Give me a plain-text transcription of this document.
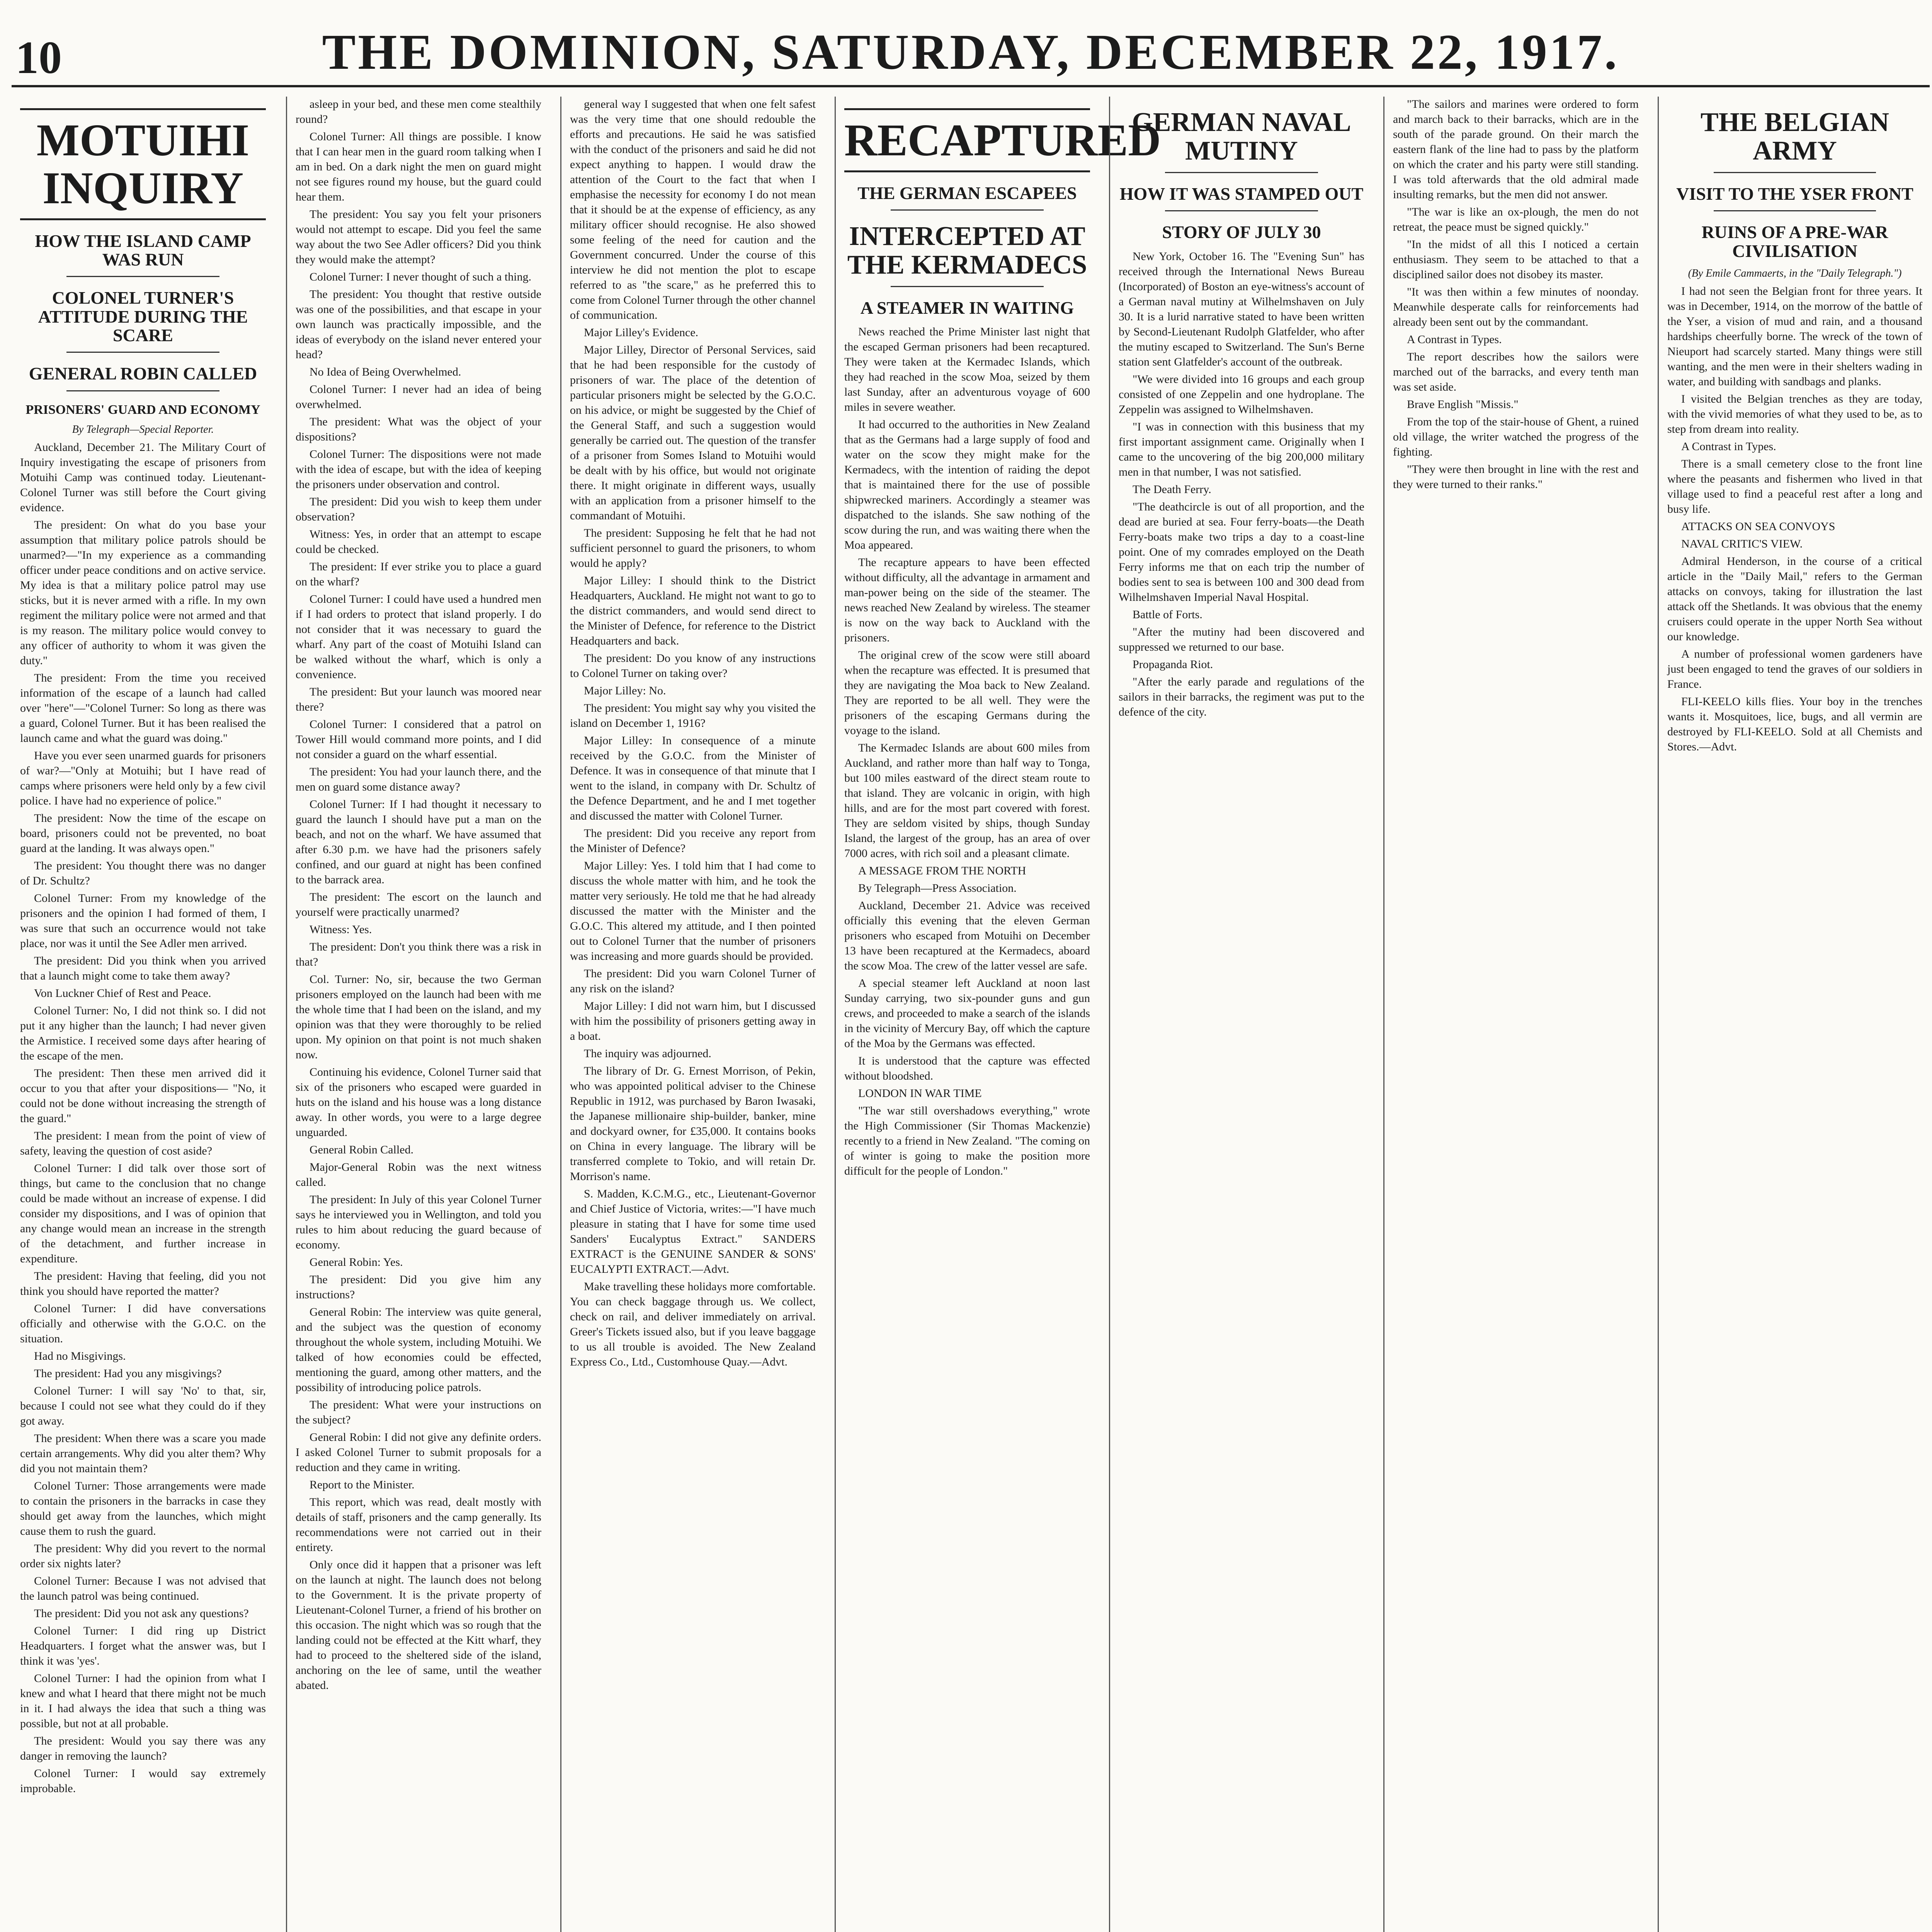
10	THE DOMINION, SATURDAY, DECEMBER 22, 1917.
MOTUIHI INQUIRY
HOW THE ISLAND CAMP WAS RUN
COLONEL TURNER'S ATTITUDE DURING THE SCARE
GENERAL ROBIN CALLED
PRISONERS' GUARD AND ECONOMY
By Telegraph—Special Reporter.

Auckland, December 21. The Military Court of Inquiry investigating the escape of prisoners from Motuihi Camp was continued today. Lieutenant-Colonel Turner was still before the Court giving evidence.

The president: On what do you base your assumption that military police patrols should be unarmed?—"In my experience as a commanding officer under peace conditions and on active service. My idea is that a military police patrol may use sticks, but it is never armed with a rifle. In my own regiment the military police were not armed and that is my reason. The military police would convey to any officer of authority to whom it was given the duty."

The president: From the time you received information of the escape of a launch had called over "here"—"Colonel Turner: So long as there was a guard, Colonel Turner. But it has been realised the launch came and what the guard was doing."

Have you ever seen unarmed guards for prisoners of war?—"Only at Motuihi; but I have read of camps where prisoners were held only by a few civil police. I have had no experience of police."

The president: Now the time of the escape on board, prisoners could not be prevented, no boat guard at the landing. It was always open."

The president: You thought there was no danger of Dr. Schultz?

Colonel Turner: From my knowledge of the prisoners and the opinion I had formed of them, I was sure that such an occurrence would not take place, nor was it until the See Adler men arrived.

The president: Did you think when you arrived that a launch might come to take them away?

Von Luckner Chief of Rest and Peace.

Colonel Turner: No, I did not think so. I did not put it any higher than the launch; I had never given the Armistice. I received some days after hearing of the escape of the men.

The president: Then these men arrived did it occur to you that after your dispositions— "No, it could not be done without increasing the strength of the guard."

The president: I mean from the point of view of safety, leaving the question of cost aside?

Colonel Turner: I did talk over those sort of things, but came to the conclusion that no change could be made without an increase of expense. I did consider my dispositions, and I was of opinion that any change would mean an increase in the strength of the detachment, and further increase in expenditure.

The president: Having that feeling, did you not think you should have reported the matter?

Colonel Turner: I did have conversations officially and otherwise with the G.O.C. on the situation.

Had no Misgivings.

The president: Had you any misgivings?

Colonel Turner: I will say 'No' to that, sir, because I could not see what they could do if they got away.

The president: When there was a scare you made certain arrangements. Why did you alter them? Why did you not maintain them?

Colonel Turner: Those arrangements were made to contain the prisoners in the barracks in case they should get away from the launches, which might cause them to rush the guard.

The president: Why did you revert to the normal order six nights later?

Colonel Turner: Because I was not advised that the launch patrol was being continued.

The president: Did you not ask any questions?

Colonel Turner: I did ring up District Headquarters. I forget what the answer was, but I think it was 'yes'.

Colonel Turner: I had the opinion from what I knew and what I heard that there might not be much in it. I had always the idea that such a thing was possible, but not at all probable.

The president: Would you say there was any danger in removing the launch?

Colonel Turner: I would say extremely improbable.

asleep in your bed, and these men come stealthily round?

Colonel Turner: All things are possible. I know that I can hear men in the guard room talking when I am in bed. On a dark night the men on guard might not see figures round my house, but the guard could hear them.

The president: You say you felt your prisoners would not attempt to escape. Did you feel the same way about the two See Adler officers? Did you think they would make the attempt?

Colonel Turner: I never thought of such a thing.

The president: You thought that restive outside was one of the possibilities, and that escape in your own launch was practically impossible, and the ideas of everybody on the island never entered your head?

No Idea of Being Overwhelmed.

Colonel Turner: I never had an idea of being overwhelmed.

The president: What was the object of your dispositions?

Colonel Turner: The dispositions were not made with the idea of escape, but with the idea of keeping the prisoners under observation and control.

The president: Did you wish to keep them under observation?

Witness: Yes, in order that an attempt to escape could be checked.

The president: If ever strike you to place a guard on the wharf?

Colonel Turner: I could have used a hundred men if I had orders to protect that island properly. I do not consider that it was necessary to guard the wharf. Any part of the coast of Motuihi Island can be walked without the wharf, which is only a convenience.

The president: But your launch was moored near there?

Colonel Turner: I considered that a patrol on Tower Hill would command more points, and I did not consider a guard on the wharf essential.

The president: You had your launch there, and the men on guard some distance away?

Colonel Turner: If I had thought it necessary to guard the launch I should have put a man on the beach, and not on the wharf. We have assumed that after 6.30 p.m. we have had the prisoners safely confined, and our guard at night has been confined to the barrack area.

The president: The escort on the launch and yourself were practically unarmed?

Witness: Yes.

The president: Don't you think there was a risk in that?

Col. Turner: No, sir, because the two German prisoners employed on the launch had been with me the whole time that I had been on the island, and my opinion was that they were thoroughly to be relied upon. My opinion on that point is not much shaken now.

Continuing his evidence, Colonel Turner said that six of the prisoners who escaped were guarded in huts on the island and his house was a long distance away. In other words, you were to a large degree unguarded.

General Robin Called.

Major-General Robin was the next witness called.

The president: In July of this year Colonel Turner says he interviewed you in Wellington, and told you rules to him about reducing the guard because of economy.

General Robin: Yes.

The president: Did you give him any instructions?

General Robin: The interview was quite general, and the subject was the question of economy throughout the whole system, including Motuihi. We talked of how economies could be effected, mentioning the guard, among other matters, and the possibility of introducing police patrols.

The president: What were your instructions on the subject?

General Robin: I did not give any definite orders. I asked Colonel Turner to submit proposals for a reduction and they came in writing.

Report to the Minister.

This report, which was read, dealt mostly with details of staff, prisoners and the camp generally. Its recommendations were not carried out in their entirety.

Only once did it happen that a prisoner was left on the launch at night. The launch does not belong to the Government. It is the private property of Lieutenant-Colonel Turner, a friend of his brother on this occasion. The night which was so rough that the landing could not be effected at the Kitt wharf, they had to proceed to the sheltered side of the island, anchoring on the lee of same, until the weather abated.

general way I suggested that when one felt safest was the very time that one should redouble the efforts and precautions. He said he was satisfied with the conduct of the prisoners and said he did not expect anything to happen. I would draw the attention of the Court to the fact that when I emphasise the necessity for economy I do not mean that it should be at the expense of efficiency, as any military officer should recognise. He also showed some feeling of the need for caution and the Government concurred. Under the course of this interview he did not mention the plot to escape referred to as "the scare," as he preferred this to come from Colonel Turner through the other channel of communication.

Major Lilley's Evidence.

Major Lilley, Director of Personal Services, said that he had been responsible for the custody of prisoners of war. The place of the detention of particular prisoners might be selected by the G.O.C. on his advice, or might be suggested by the Chief of the General Staff, and such a suggestion would generally be carried out. The question of the transfer of a prisoner from Somes Island to Motuihi would be dealt with by his office, but would not originate there. It might originate in different ways, usually with an application from a prisoner himself to the commandant of Motuihi.

The president: Supposing he felt that he had not sufficient personnel to guard the prisoners, to whom would he apply?

Major Lilley: I should think to the District Headquarters, Auckland. He might not want to go to the district commanders, and would send direct to the Minister of Defence, for reference to the District Headquarters and back.

The president: Do you know of any instructions to Colonel Turner on taking over?

Major Lilley: No.

The president: You might say why you visited the island on December 1, 1916?

Major Lilley: In consequence of a minute received by the G.O.C. from the Minister of Defence. It was in consequence of that minute that I went to the island, in company with Dr. Schultz of the Defence Department, and he and I met together and discussed the matter with Colonel Turner.

The president: Did you receive any report from the Minister of Defence?

Major Lilley: Yes. I told him that I had come to discuss the whole matter with him, and he took the matter very seriously. He told me that he had already discussed the matter with the Minister and the G.O.C. This altered my attitude, and I then pointed out to Colonel Turner that the number of prisoners was increasing and more guards should be provided.

The president: Did you warn Colonel Turner of any risk on the island?

Major Lilley: I did not warn him, but I discussed with him the possibility of prisoners getting away in a boat.

The inquiry was adjourned.

The library of Dr. G. Ernest Morrison, of Pekin, who was appointed political adviser to the Chinese Republic in 1912, was purchased by Baron Iwasaki, the Japanese millionaire ship-builder, banker, mine and dockyard owner, for £35,000. It contains books on China in every language. The library will be transferred complete to Tokio, and will retain Dr. Morrison's name.

S. Madden, K.C.M.G., etc., Lieutenant-Governor and Chief Justice of Victoria, writes:—"I have much pleasure in stating that I have for some time used Sanders' Eucalyptus Extract." SANDERS EXTRACT is the GENUINE SANDER & SONS' EUCALYPTI EXTRACT.—Advt.

Make travelling these holidays more comfortable. You can check baggage through us. We collect, check on rail, and deliver immediately on arrival. Greer's Tickets issued also, but if you leave baggage to us all trouble is avoided. The New Zealand Express Co., Ltd., Customhouse Quay.—Advt.

RECAPTURED
THE GERMAN ESCAPEES
INTERCEPTED AT THE KERMADECS
A STEAMER IN WAITING

News reached the Prime Minister last night that the escaped German prisoners had been recaptured. They were taken at the Kermadec Islands, which they had reached in the scow Moa, seized by them last Sunday, after an adventurous voyage of 600 miles in severe weather.

It had occurred to the authorities in New Zealand that as the Germans had a large supply of food and water on the scow they might make for the Kermadecs, with the intention of raiding the depot that is maintained there for the use of possible shipwrecked mariners. Accordingly a steamer was dispatched to the islands. She saw nothing of the scow during the run, and was waiting there when the Moa appeared.

The recapture appears to have been effected without difficulty, all the advantage in armament and man-power being on the side of the steamer. The news reached New Zealand by wireless. The steamer is now on the way back to Auckland with the prisoners.

The original crew of the scow were still aboard when the recapture was effected. It is presumed that they are navigating the Moa back to New Zealand. They are reported to be all well. They were the prisoners of the escaping Germans during the voyage to the island.

The Kermadec Islands are about 600 miles from Auckland, and rather more than half way to Tonga, but 100 miles eastward of the direct steam route to that island. They are volcanic in origin, with high hills, and are for the most part covered with forest. They are seldom visited by ships, though Sunday Island, the largest of the group, has an area of over 7000 acres, with rich soil and a pleasant climate.

A MESSAGE FROM THE NORTH

By Telegraph—Press Association.

Auckland, December 21. Advice was received officially this evening that the eleven German prisoners who escaped from Motuihi on December 13 have been recaptured at the Kermadecs, aboard the scow Moa. The crew of the latter vessel are safe.

A special steamer left Auckland at noon last Sunday carrying, two six-pounder guns and gun crews, and proceeded to make a search of the islands in the vicinity of Mercury Bay, off which the capture of the Moa by the Germans was effected.

It is understood that the capture was effected without bloodshed.

LONDON IN WAR TIME

"The war still overshadows everything," wrote the High Commissioner (Sir Thomas Mackenzie) recently to a friend in New Zealand. "The coming on of winter is going to make the position more difficult for the people of London."

GERMAN NAVAL MUTINY
HOW IT WAS STAMPED OUT
STORY OF JULY 30

New York, October 16. The "Evening Sun" has received through the International News Bureau (Incorporated) of Boston an eye-witness's account of a German naval mutiny at Wilhelmshaven on July 30. It is a lurid narrative stated to have been written by Second-Lieutenant Rudolph Glatfelder, who after the mutiny escaped to Switzerland. The Sun's Berne station sent Glatfelder's account of the outbreak.

"We were divided into 16 groups and each group consisted of one Zeppelin and one hydroplane. The Zeppelin was assigned to Wilhelmshaven.

"I was in connection with this business that my first important assignment came. Originally when I came to the uncovering of the big 200,000 military men in that number, I was not satisfied.

The Death Ferry.

"The deathcircle is out of all proportion, and the dead are buried at sea. Four ferry-boats—the Death Ferry-boats make two trips a day to a coast-line point. One of my comrades employed on the Death Ferry informs me that on each trip the number of bodies sent to sea is between 100 and 300 dead from Wilhelmshaven Imperial Naval Hospital.

Battle of Forts.

"After the mutiny had been discovered and suppressed we returned to our base.

Propaganda Riot.

"After the early parade and regulations of the sailors in their barracks, the regiment was put to the defence of the city.

"The sailors and marines were ordered to form and march back to their barracks, which are in the south of the parade ground. On their march the eastern flank of the line had to pass by the platform on which the crater and his party were still standing. I was told afterwards that the old admiral made insulting remarks, but the men did not answer.

"The war is like an ox-plough, the men do not retreat, the peace must be signed quickly."

"In the midst of all this I noticed a certain enthusiasm. They seem to be attached to that a disciplined sailor does not disobey its master.

"It was then within a few minutes of noonday. Meanwhile desperate calls for reinforcements had already been sent out by the commandant.

A Contrast in Types.

The report describes how the sailors were marched out of the barracks, and every tenth man was set aside.

Brave English "Missis."

From the top of the stair-house of Ghent, a ruined old village, the writer watched the progress of the fighting.

"They were then brought in line with the rest and they were turned to their ranks."

THE BELGIAN ARMY
VISIT TO THE YSER FRONT
RUINS OF A PRE-WAR CIVILISATION
(By Emile Cammaerts, in the "Daily Telegraph.")

I had not seen the Belgian front for three years. It was in December, 1914, on the morrow of the battle of the Yser, a vision of mud and rain, and a thousand hardships cheerfully borne. The wreck of the town of Nieuport had scarcely started. Many things were still wanting, and the men were in their shelters wading in water, and building with sandbags and planks.

I visited the Belgian trenches as they are today, with the vivid memories of what they used to be, as to step from dream into reality.

A Contrast in Types.

There is a small cemetery close to the front line where the peasants and fishermen who lived in that village used to find a peaceful rest after a long and busy life.

ATTACKS ON SEA CONVOYS

NAVAL CRITIC'S VIEW.

Admiral Henderson, in the course of a critical article in the "Daily Mail," refers to the German attacks on convoys, taking for illustration the last attack off the Shetlands. It was obvious that the enemy cruisers could operate in the upper North Sea without our knowledge.

A number of professional women gardeners have just been engaged to tend the graves of our soldiers in France.

FLI-KEELO kills flies. Your boy in the trenches wants it. Mosquitoes, lice, bugs, and all vermin are destroyed by FLI-KEELO. Sold at all Chemists and Stores.—Advt.
